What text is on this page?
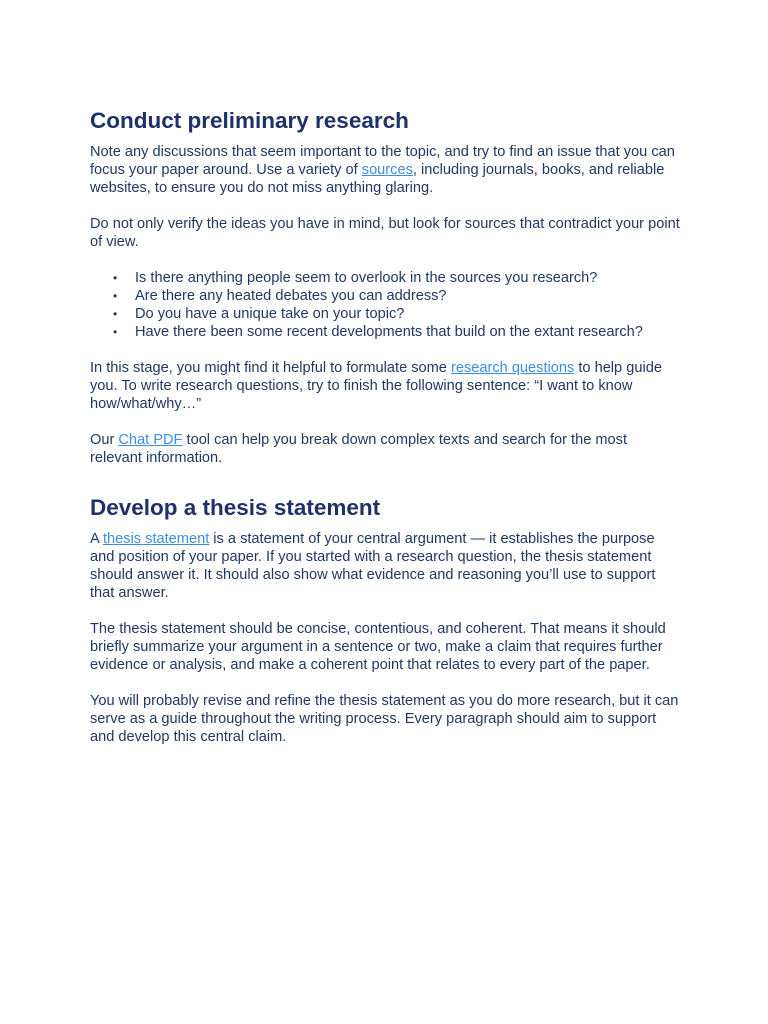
Conduct preliminary research

Note any discussions that seem important to the topic, and try to find an issue that you can focus your paper around. Use a variety of sources, including journals, books, and reliable websites, to ensure you do not miss anything glaring.

Do not only verify the ideas you have in mind, but look for sources that contradict your point of view.

• Is there anything people seem to overlook in the sources you research?
• Are there any heated debates you can address?
• Do you have a unique take on your topic?
• Have there been some recent developments that build on the extant research?

In this stage, you might find it helpful to formulate some research questions to help guide you. To write research questions, try to finish the following sentence: “I want to know how/what/why…”

Our Chat PDF tool can help you break down complex texts and search for the most relevant information.

Develop a thesis statement

A thesis statement is a statement of your central argument — it establishes the purpose and position of your paper. If you started with a research question, the thesis statement should answer it. It should also show what evidence and reasoning you’ll use to support that answer.

The thesis statement should be concise, contentious, and coherent. That means it should briefly summarize your argument in a sentence or two, make a claim that requires further evidence or analysis, and make a coherent point that relates to every part of the paper.

You will probably revise and refine the thesis statement as you do more research, but it can serve as a guide throughout the writing process. Every paragraph should aim to support and develop this central claim.
